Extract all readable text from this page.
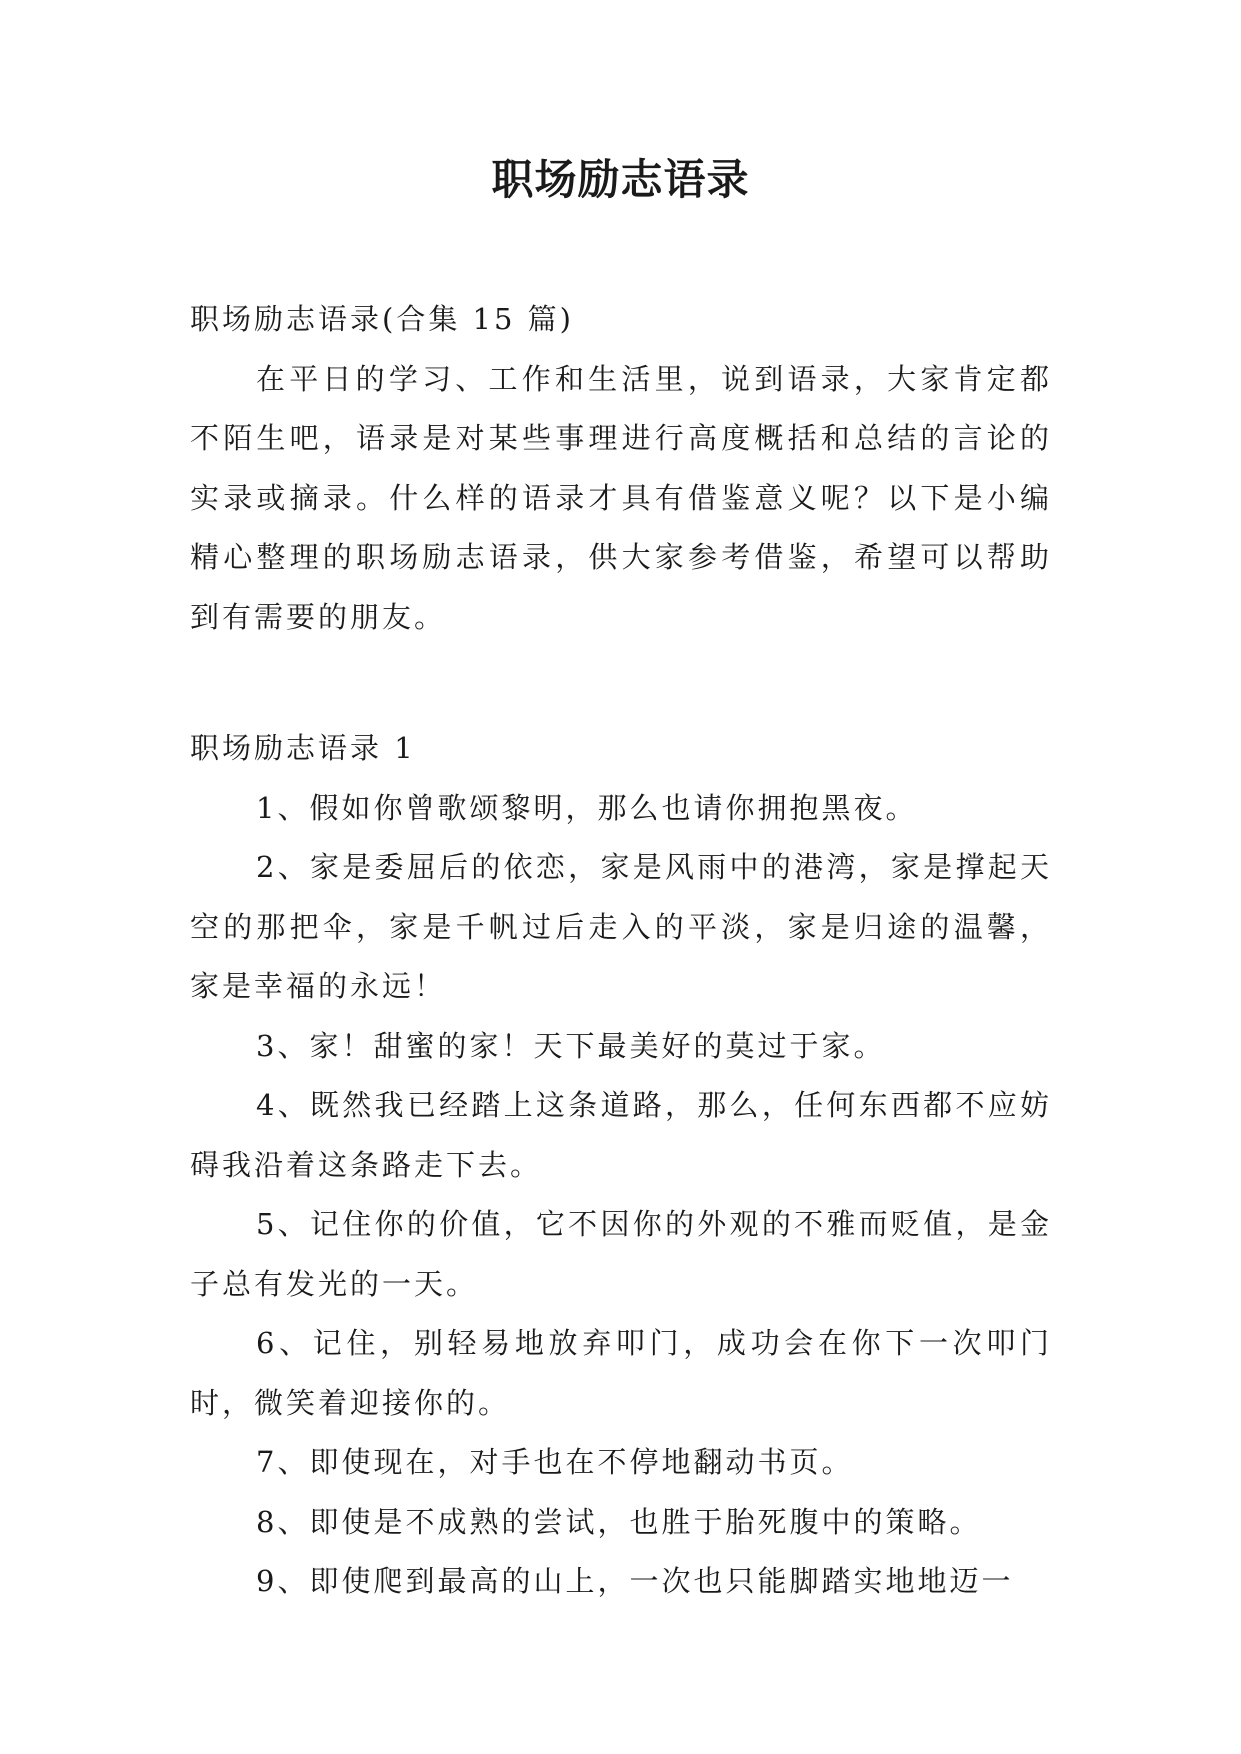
职场励志语录

职场励志语录(合集 15 篇)

在平日的学习、工作和生活里，说到语录，大家肯定都不陌生吧，语录是对某些事理进行高度概括和总结的言论的实录或摘录。什么样的语录才具有借鉴意义呢？以下是小编精心整理的职场励志语录，供大家参考借鉴，希望可以帮助到有需要的朋友。

职场励志语录 1

1、假如你曾歌颂黎明，那么也请你拥抱黑夜。

2、家是委屈后的依恋，家是风雨中的港湾，家是撑起天空的那把伞，家是千帆过后走入的平淡，家是归途的温馨，家是幸福的永远！

3、家！甜蜜的家！天下最美好的莫过于家。

4、既然我已经踏上这条道路，那么，任何东西都不应妨碍我沿着这条路走下去。

5、记住你的价值，它不因你的外观的不雅而贬值，是金子总有发光的一天。

6、记住，别轻易地放弃叩门，成功会在你下一次叩门时，微笑着迎接你的。

7、即使现在，对手也在不停地翻动书页。

8、即使是不成熟的尝试，也胜于胎死腹中的策略。

9、即使爬到最高的山上，一次也只能脚踏实地地迈一
